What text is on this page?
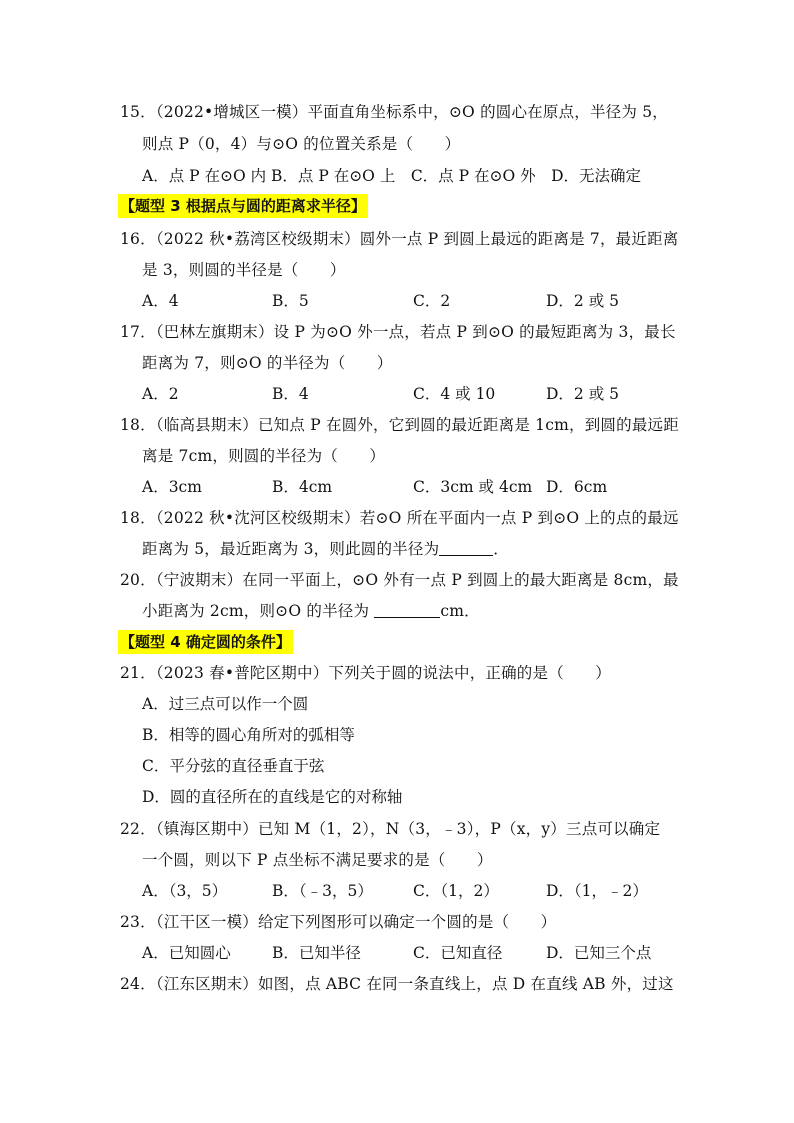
15．（2022•增城区一模）平面直角坐标系中，⊙O 的圆心在原点，半径为 5，
则点 P（0，4）与⊙O 的位置关系是（　　）
A．点 P 在⊙O 内 B．点 P 在⊙O 上　C．点 P 在⊙O 外　D．无法确定
【题型 3 根据点与圆的距离求半径】
16．（2022 秋•荔湾区校级期末）圆外一点 P 到圆上最远的距离是 7，最近距离
是 3，则圆的半径是（　　）
A．4	B．5	C．2	D．2 或 5
17．（巴林左旗期末）设 P 为⊙O 外一点，若点 P 到⊙O 的最短距离为 3，最长
距离为 7，则⊙O 的半径为（　　）
A．2	B．4	C．4 或 10	D．2 或 5
18．（临高县期末）已知点 P 在圆外，它到圆的最近距离是 1cm，到圆的最远距
离是 7cm，则圆的半径为（　　）
A．3cm	B．4cm	C．3cm 或 4cm D．6cm
18．（2022 秋•沈河区校级期末）若⊙O 所在平面内一点 P 到⊙O 上的点的最远
距离为 5，最近距离为 3，则此圆的半径为	．
20．（宁波期末）在同一平面上，⊙O 外有一点 P 到圆上的最大距离是 8cm，最
小距离为 2cm，则⊙O 的半径为	cm．
【题型 4 确定圆的条件】
21．（2023 春•普陀区期中）下列关于圆的说法中，正确的是（　　）
A．过三点可以作一个圆
B．相等的圆心角所对的弧相等
C．平分弦的直径垂直于弦
D．圆的直径所在的直线是它的对称轴
22．（镇海区期中）已知 M（1，2），N（3，﹣3），P（x，y）三点可以确定
一个圆，则以下 P 点坐标不满足要求的是（　　）
A．（3，5）	B．（﹣3，5）	C．（1，2）	D．（1，﹣2）
23．（江干区一模）给定下列图形可以确定一个圆的是（　　）
A．已知圆心	B．已知半径	C．已知直径	D．已知三个点
24．（江东区期末）如图，点 ABC 在同一条直线上，点 D 在直线 AB 外，过这
